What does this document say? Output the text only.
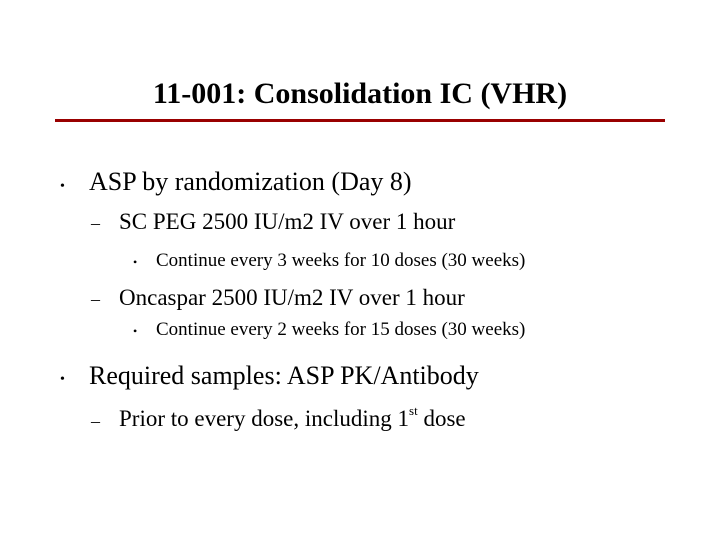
11-001: Consolidation IC (VHR)
• ASP by randomization (Day 8)
– SC PEG 2500 IU/m2 IV over 1 hour
• Continue every 3 weeks for 10 doses (30 weeks)
– Oncaspar 2500 IU/m2 IV over 1 hour
• Continue every 2 weeks for 15 doses (30 weeks)
• Required samples: ASP PK/Antibody
– Prior to every dose, including 1st dose
